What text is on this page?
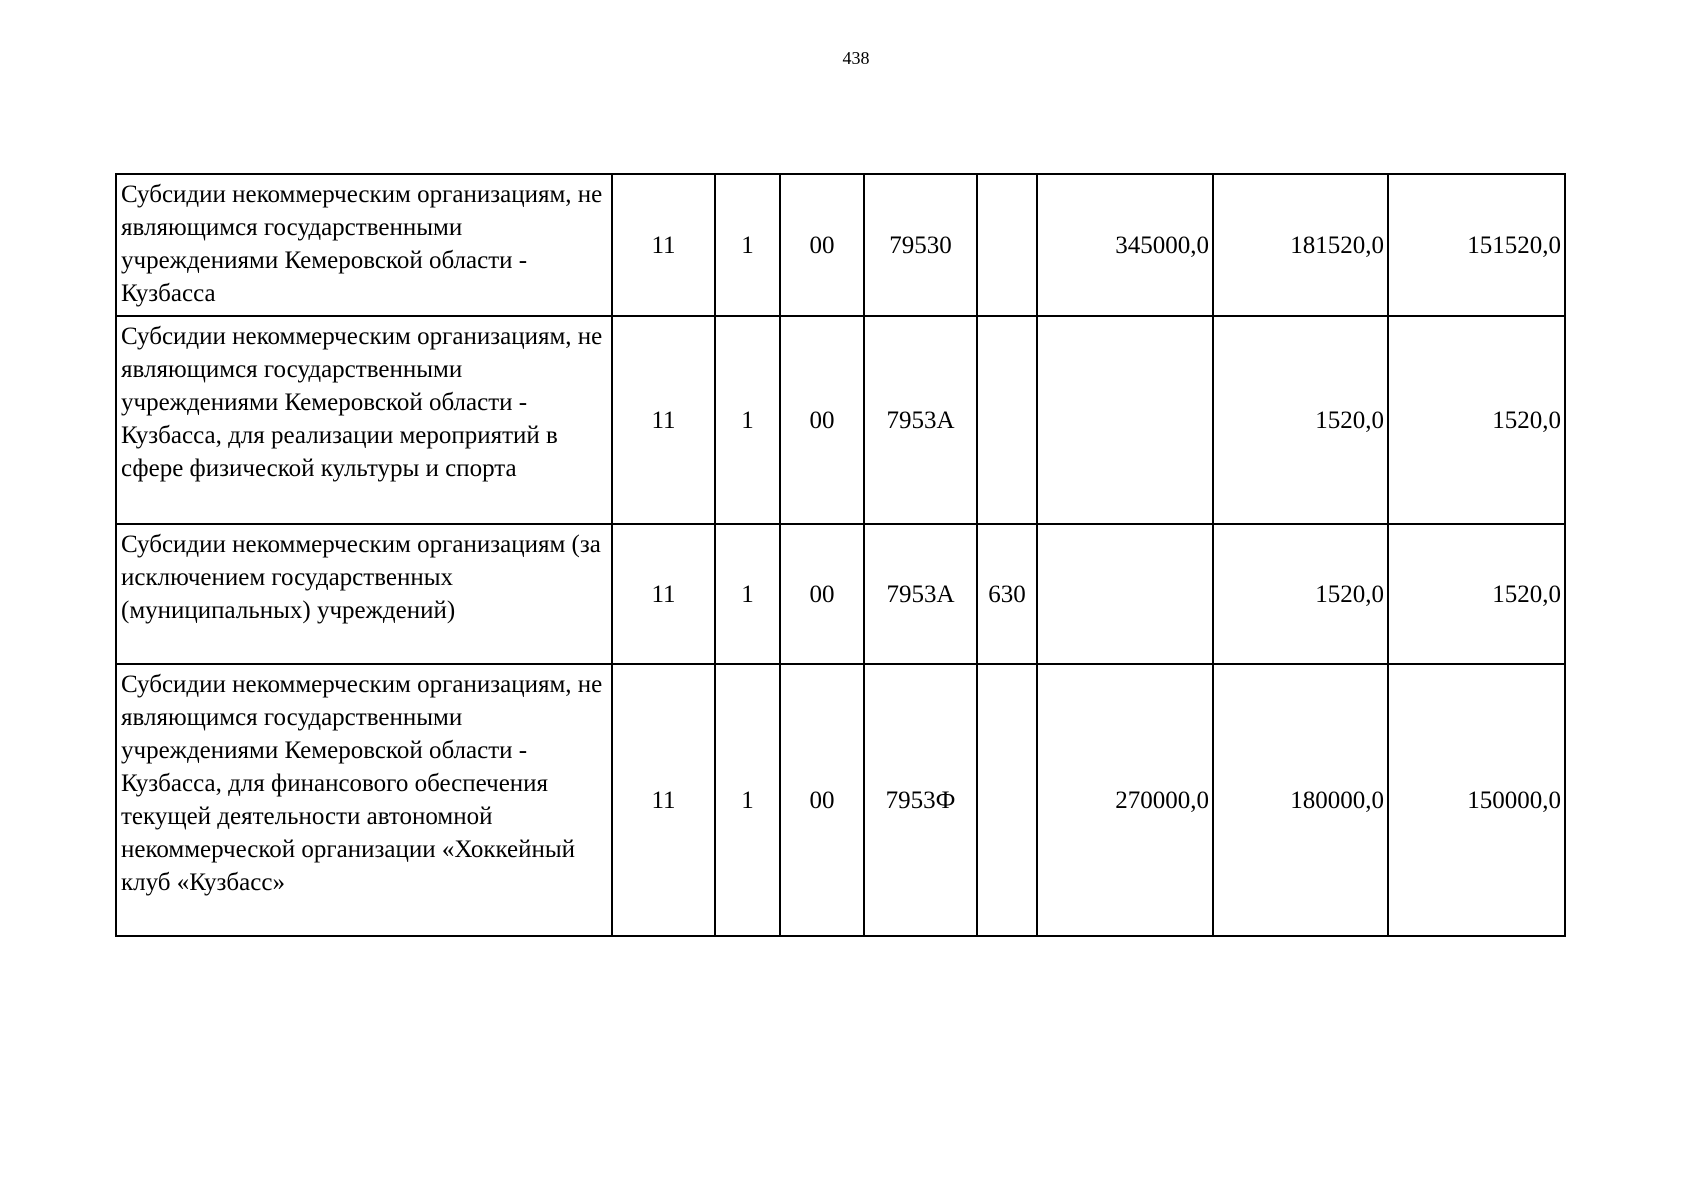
438
Субсидии некоммерческим организациям, не являющимся государственными учреждениями Кемеровской области - Кузбасса	11	1	00	79530		345000,0	181520,0	151520,0
Субсидии некоммерческим организациям, не являющимся государственными учреждениями Кемеровской области - Кузбасса, для реализации мероприятий в сфере физической культуры и спорта	11	1	00	7953А			1520,0	1520,0
Субсидии некоммерческим организациям (за исключением государственных (муниципальных) учреждений)	11	1	00	7953А	630		1520,0	1520,0
Субсидии некоммерческим организациям, не являющимся государственными учреждениями Кемеровской области - Кузбасса, для финансового обеспечения текущей деятельности автономной некоммерческой организации «Хоккейный клуб «Кузбасс»	11	1	00	7953Ф		270000,0	180000,0	150000,0
